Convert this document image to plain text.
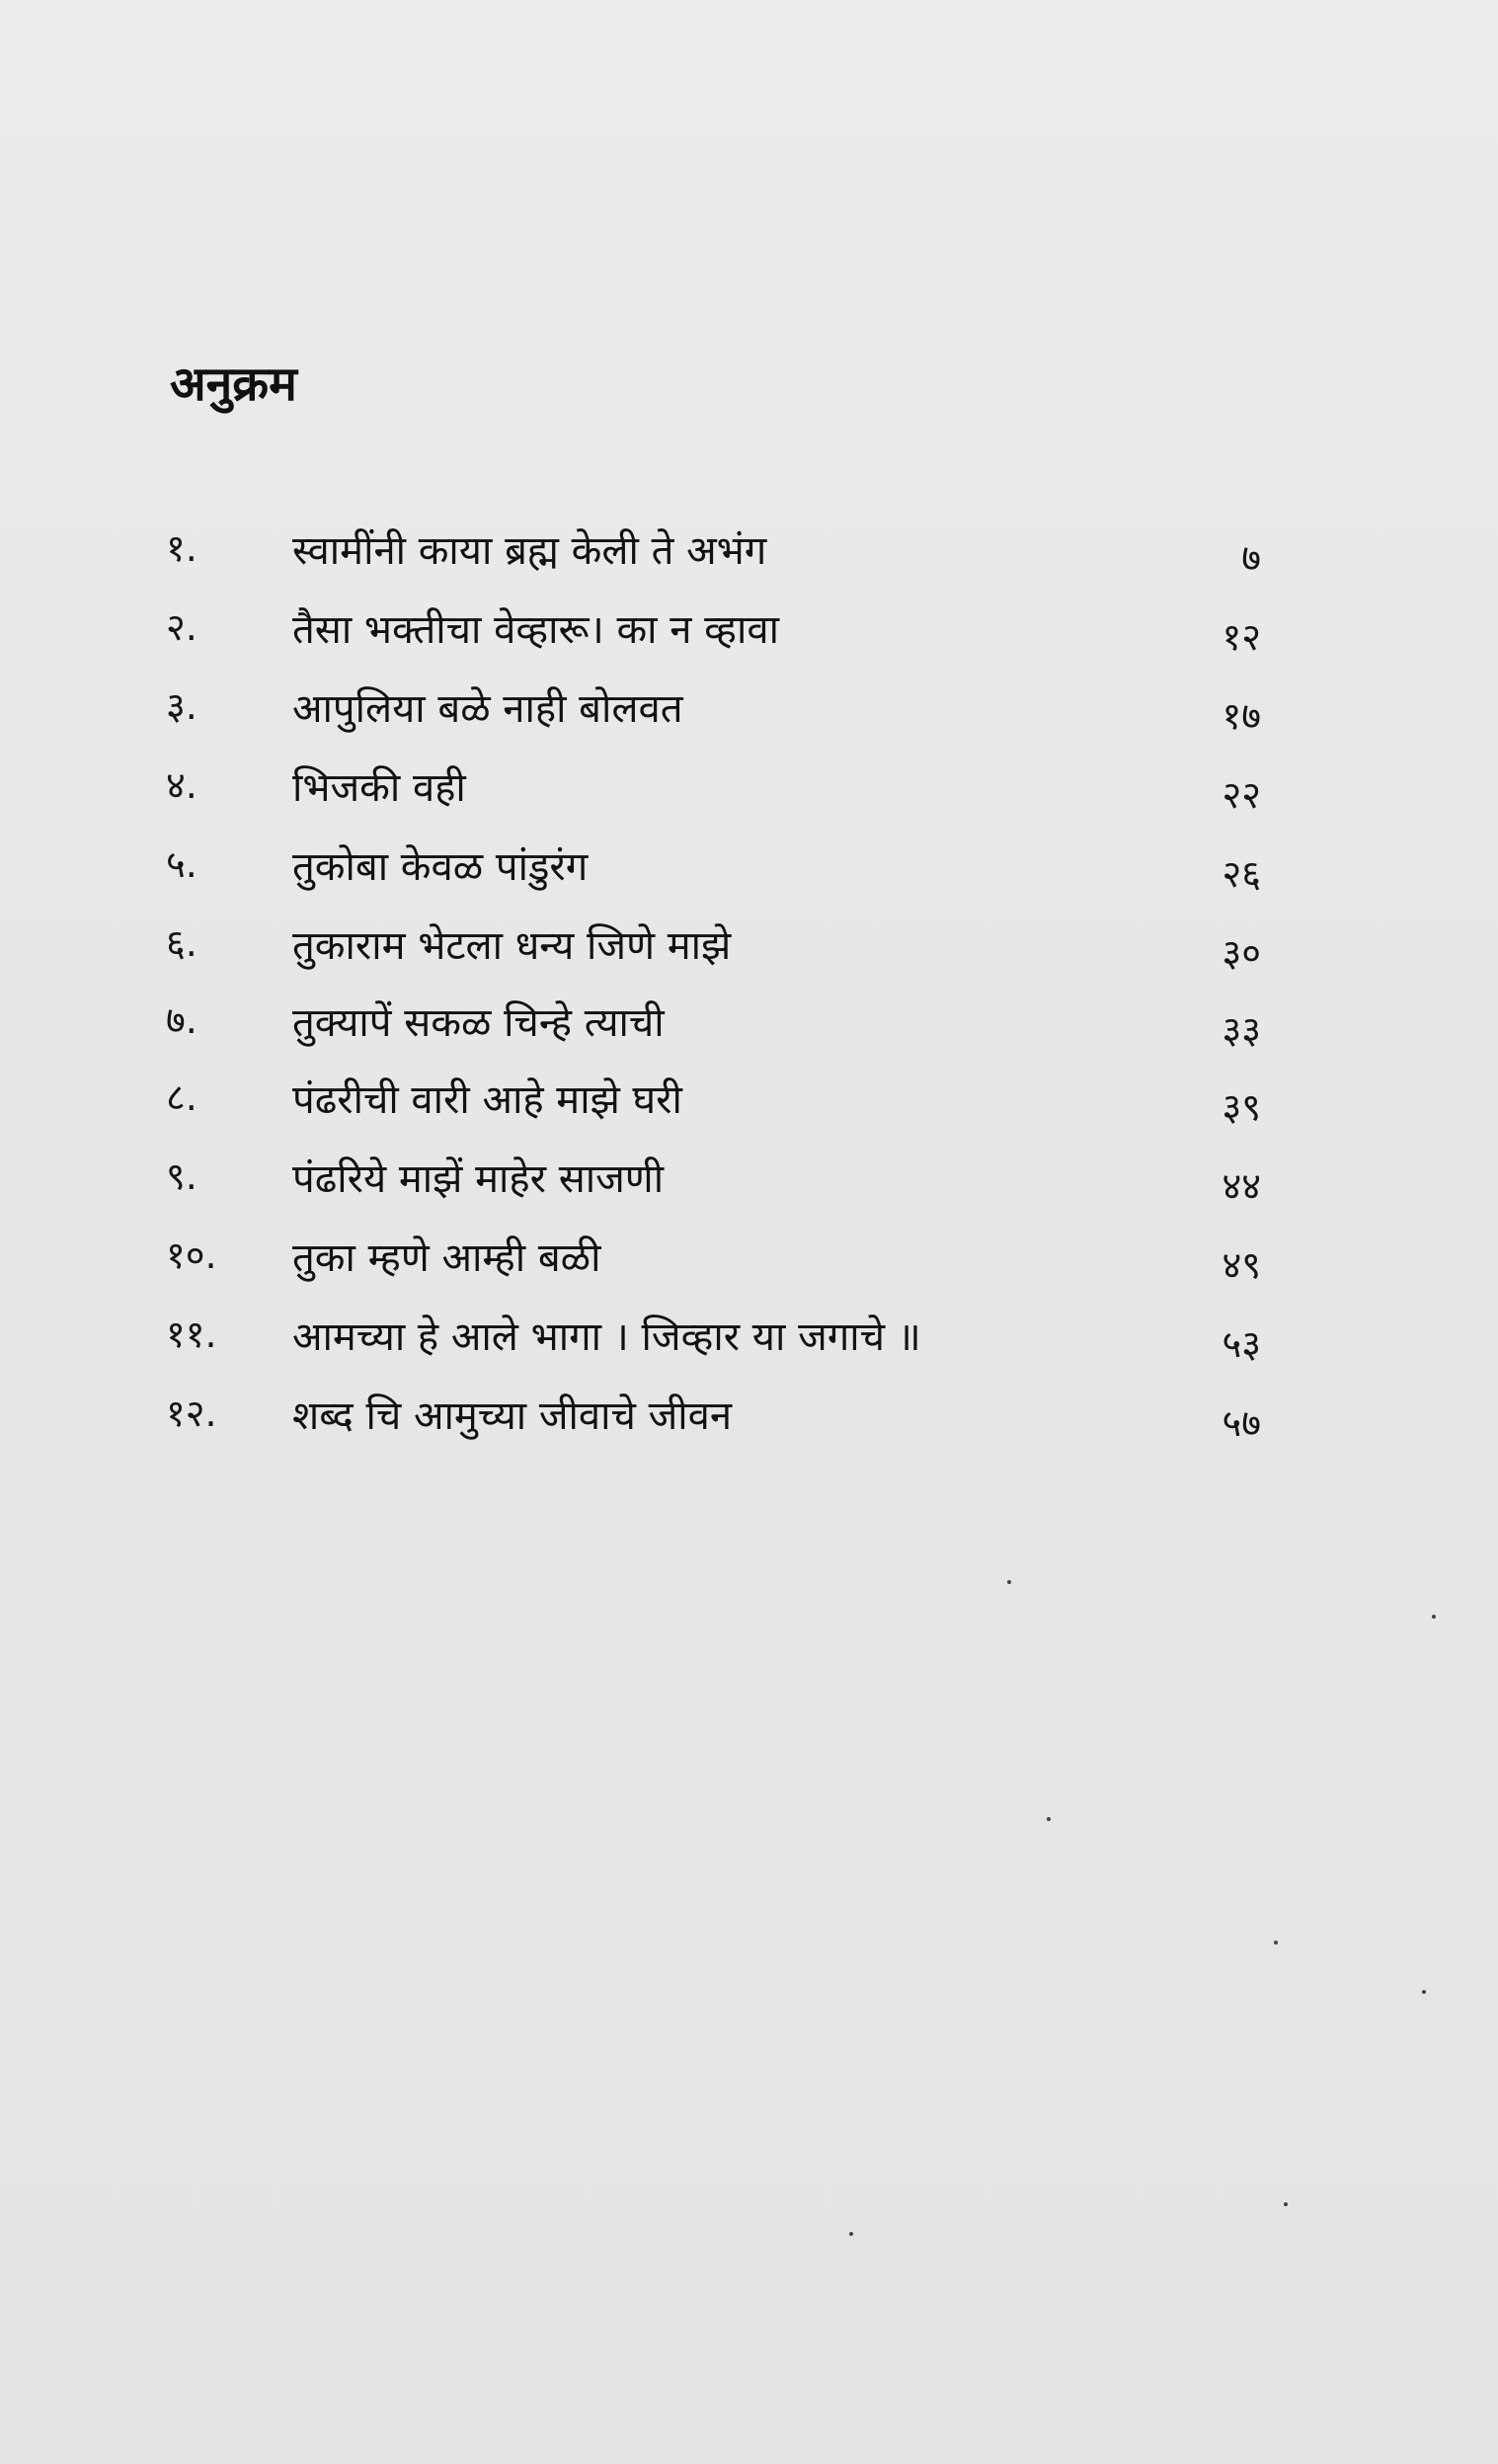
अनुक्रम
१. स्वामींनी काया ब्रह्म केली ते अभंग	७
२. तैसा भक्तीचा वेव्हारू। का न व्हावा	१२
३. आपुलिया बळे नाही बोलवत	१७
४. भिजकी वही	२२
५. तुकोबा केवळ पांडुरंग	२६
६. तुकाराम भेटला धन्य जिणे माझे	३०
७. तुक्यापें सकळ चिन्हे त्याची	३३
८. पंढरीची वारी आहे माझे घरी	३९
९. पंढरिये माझें माहेर साजणी	४४
१०. तुका म्हणे आम्ही बळी	४९
११. आमच्या हे आले भागा । जिव्हार या जगाचे ॥	५३
१२. शब्द चि आमुच्या जीवाचे जीवन	५७
